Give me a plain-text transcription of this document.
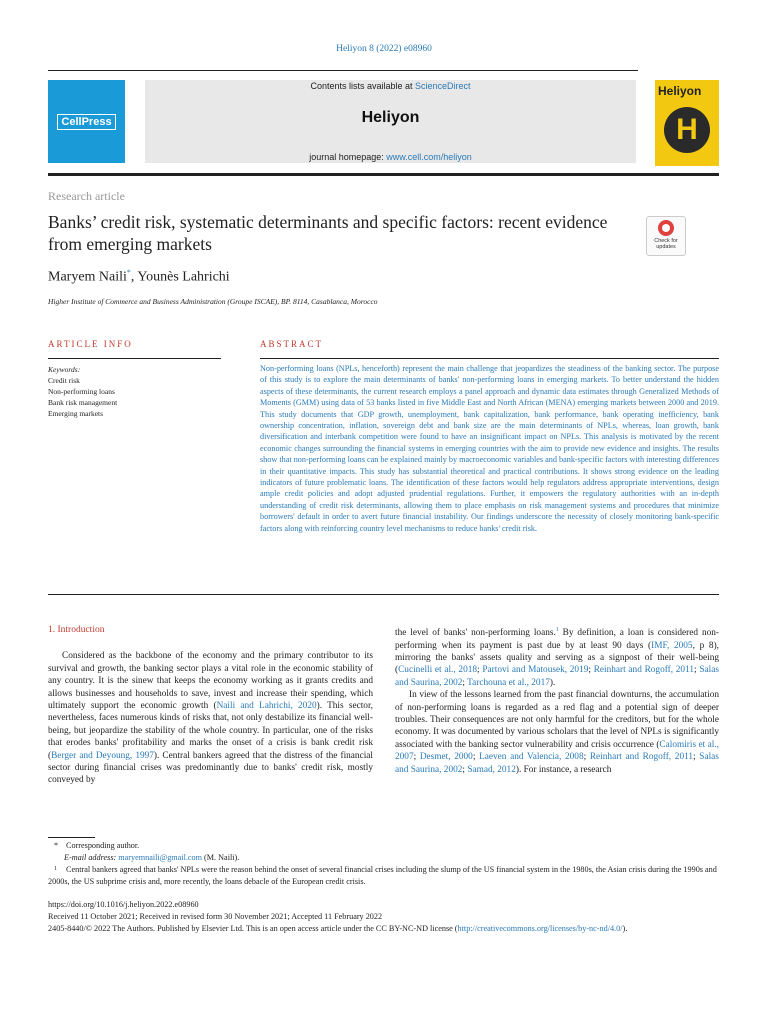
Heliyon 8 (2022) e08960
CellPress
Contents lists available at ScienceDirect
Heliyon
journal homepage: www.cell.com/heliyon
Heliyon
H
Research article
Banks’ credit risk, systematic determinants and specific factors: recent evidence from emerging markets	Check for updates
Maryem Naili*, Younès Lahrichi
Higher Institute of Commerce and Business Administration (Groupe ISCAE), BP. 8114, Casablanca, Morocco
ARTICLE INFO	ABSTRACT
Keywords:
Credit risk
Non-performing loans
Bank risk management
Emerging markets
Non-performing loans (NPLs, henceforth) represent the main challenge that jeopardizes the steadiness of the banking sector. The purpose of this study is to explore the main determinants of banks' non-performing loans in emerging markets. To better understand the hidden aspects of these determinants, the current research employs a panel approach and dynamic data estimates through Generalized Methods of Moments (GMM) using data of 53 banks listed in five Middle East and North African (MENA) emerging markets between 2000 and 2019. This study documents that GDP growth, unemployment, bank capitalization, bank performance, bank operating inefficiency, bank ownership concentration, inflation, sovereign debt and bank size are the main determinants of NPLs, whereas, loan growth, bank diversification and interbank competition were found to have an insignificant impact on NPLs. This analysis is motivated by the recent economic changes surrounding the financial systems in emerging countries with the aim to provide new evidence and insights. The results show that non-performing loans can be explained mainly by macroeconomic variables and bank-specific factors with interesting differences in their quantitative impacts. This study has substantial theoretical and practical contributions. It shows strong evidence on the leading indicators of future problematic loans. The identification of these factors would help regulators address appropriate interventions, design ample credit policies and adopt adjusted prudential regulations. Further, it empowers the regulatory authorities with an in-depth understanding of credit risk determinants, allowing them to place emphasis on risk management systems and procedures that minimize borrowers' default in order to avert future financial instability. Our findings underscore the necessity of closely monitoring bank-specific factors along with reinforcing country level mechanisms to reduce banks' credit risk.
1. Introduction

Considered as the backbone of the economy and the primary contributor to its survival and growth, the banking sector plays a vital role in the economic stability of any country. It is the sinew that keeps the economy working as it grants credits and allows businesses and households to save, invest and increase their spending, which ultimately support the economic growth (Naili and Lahrichi, 2020). This sector, nevertheless, faces numerous kinds of risks that, not only destabilize its financial well-being, but jeopardize the stability of the whole country. In particular, one of the risks that erodes banks' profitability and marks the onset of a crisis is bank credit risk (Berger and Deyoung, 1997). Central bankers agreed that the distress of the financial sector during financial crises was predominantly due to banks' credit risk, mostly conveyed by

the level of banks' non-performing loans.$^1$ By definition, a loan is considered non-performing when its payment is past due by at least 90 days (IMF, 2005, p 8), mirroring the banks' assets quality and serving as a signpost of their well-being (Cucinelli et al., 2018; Partovi and Matousek, 2019; Reinhart and Rogoff, 2011; Salas and Saurina, 2002; Tarchouna et al., 2017).

In view of the lessons learned from the past financial downturns, the accumulation of non-performing loans is regarded as a red flag and a potential sign of deeper troubles. Their consequences are not only harmful for the creditors, but for the whole economy. It was documented by various scholars that the level of NPLs is significantly associated with the banking sector vulnerability and crisis occurrence (Calomiris et al., 2007; Desmet, 2000; Laeven and Valencia, 2008; Reinhart and Rogoff, 2011; Salas and Saurina, 2002; Samad, 2012). For instance, a research

* Corresponding author.
E-mail address: maryemnaili@gmail.com (M. Naili).
1 Central bankers agreed that banks' NPLs were the reason behind the onset of several financial crises including the slump of the US financial system in the 1980s, the Asian crisis during the 1990s and 2000s, the US subprime crisis and, more recently, the loans debacle of the European credit crisis.
https://doi.org/10.1016/j.heliyon.2022.e08960
Received 11 October 2021; Received in revised form 30 November 2021; Accepted 11 February 2022
2405-8440/© 2022 The Authors. Published by Elsevier Ltd. This is an open access article under the CC BY-NC-ND license (http://creativecommons.org/licenses/by-nc-nd/4.0/).
